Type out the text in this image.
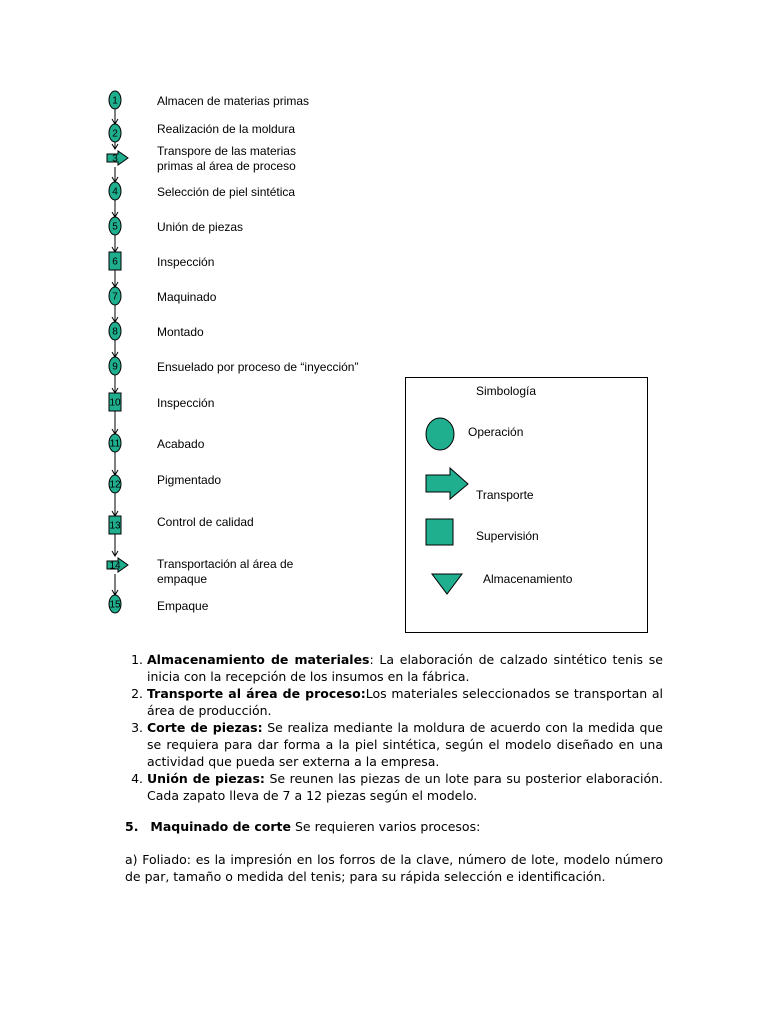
1
2
3
4
5
6
7
8
9
10
11
12
13
14
15
Almacen de materias primas
Realización de la moldura
Transpore de las materias
primas al área de proceso
Selección de piel sintética
Unión de piezas
Inspección
Maquinado
Montado
Ensuelado por proceso de “inyección”
Inspección
Acabado
Pigmentado
Control de calidad
Transportación al área de
empaque
Empaque
Simbología
Operación
Transporte
Supervisión
Almacenamiento
1. Almacenamiento de materiales: La elaboración de calzado sintético tenis se inicia con la recepción de los insumos en la fábrica.
2. Transporte al área de proceso:Los materiales seleccionados se transportan al área de producción.
3. Corte de piezas: Se realiza mediante la moldura de acuerdo con la medida que se requiera para dar forma a la piel sintética, según el modelo diseñado en una actividad que pueda ser externa a la empresa.
4. Unión de piezas: Se reunen las piezas de un lote para su posterior elaboración. Cada zapato lleva de 7 a 12 piezas según el modelo.
5. Maquinado de corte Se requieren varios procesos:

a) Foliado: es la impresión en los forros de la clave, número de lote, modelo número de par, tamaño o medida del tenis; para su rápida selección e identificación.
